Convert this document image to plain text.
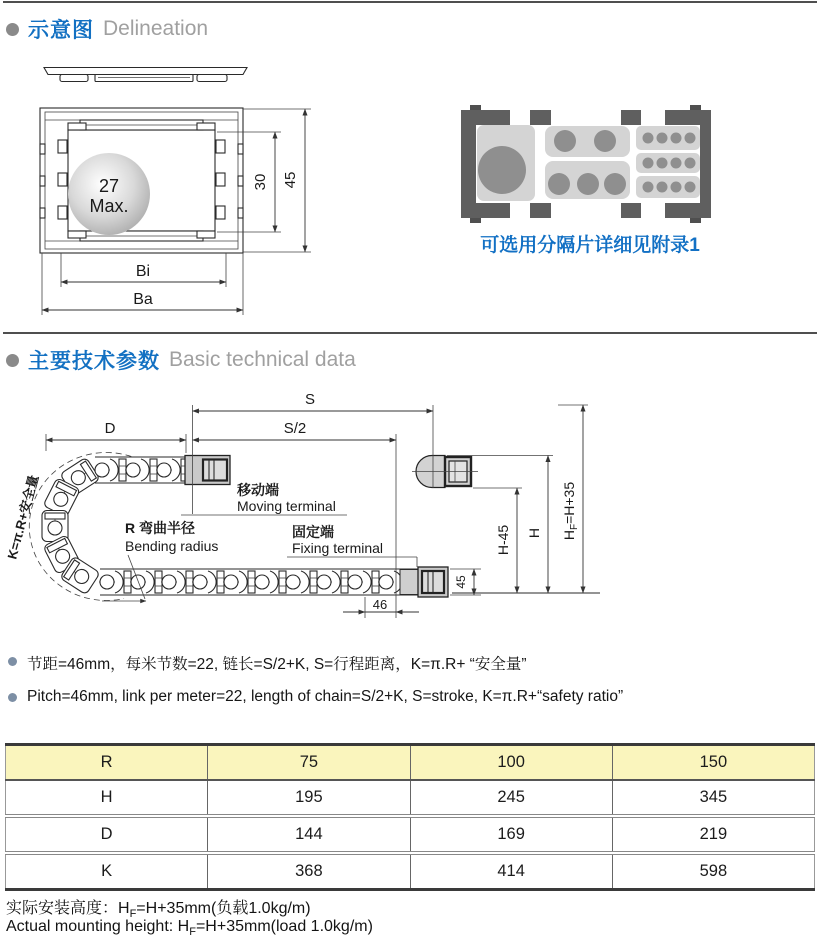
示意图 Delineation
27
Max.
30 45
Bi
Ba
可选用分隔片详细见附录1
主要技术参数 Basic technical data
K=π.R+安全量
S
S/2
D
移动端
Moving terminal
固定端
Fixing terminal
R 弯曲半径
Bending radius
46
45
H-45 H $H_F=H+35$
节距=46mm，每米节数=22, 链长=S/2+K, S=行程距离，K=π.R+ “安全量”
Pitch=46mm, link per meter=22, length of chain=S/2+K, S=stroke, K=π.R+“safety ratio”
R	75	100	150
H	195	245	345
D	144	169	219
K	368	414	598
实际安装高度：$H_F=H+35mm$(负载1.0kg/m)
Actual mounting height: $H_F=H+35mm(load$ 1.0kg/m)
